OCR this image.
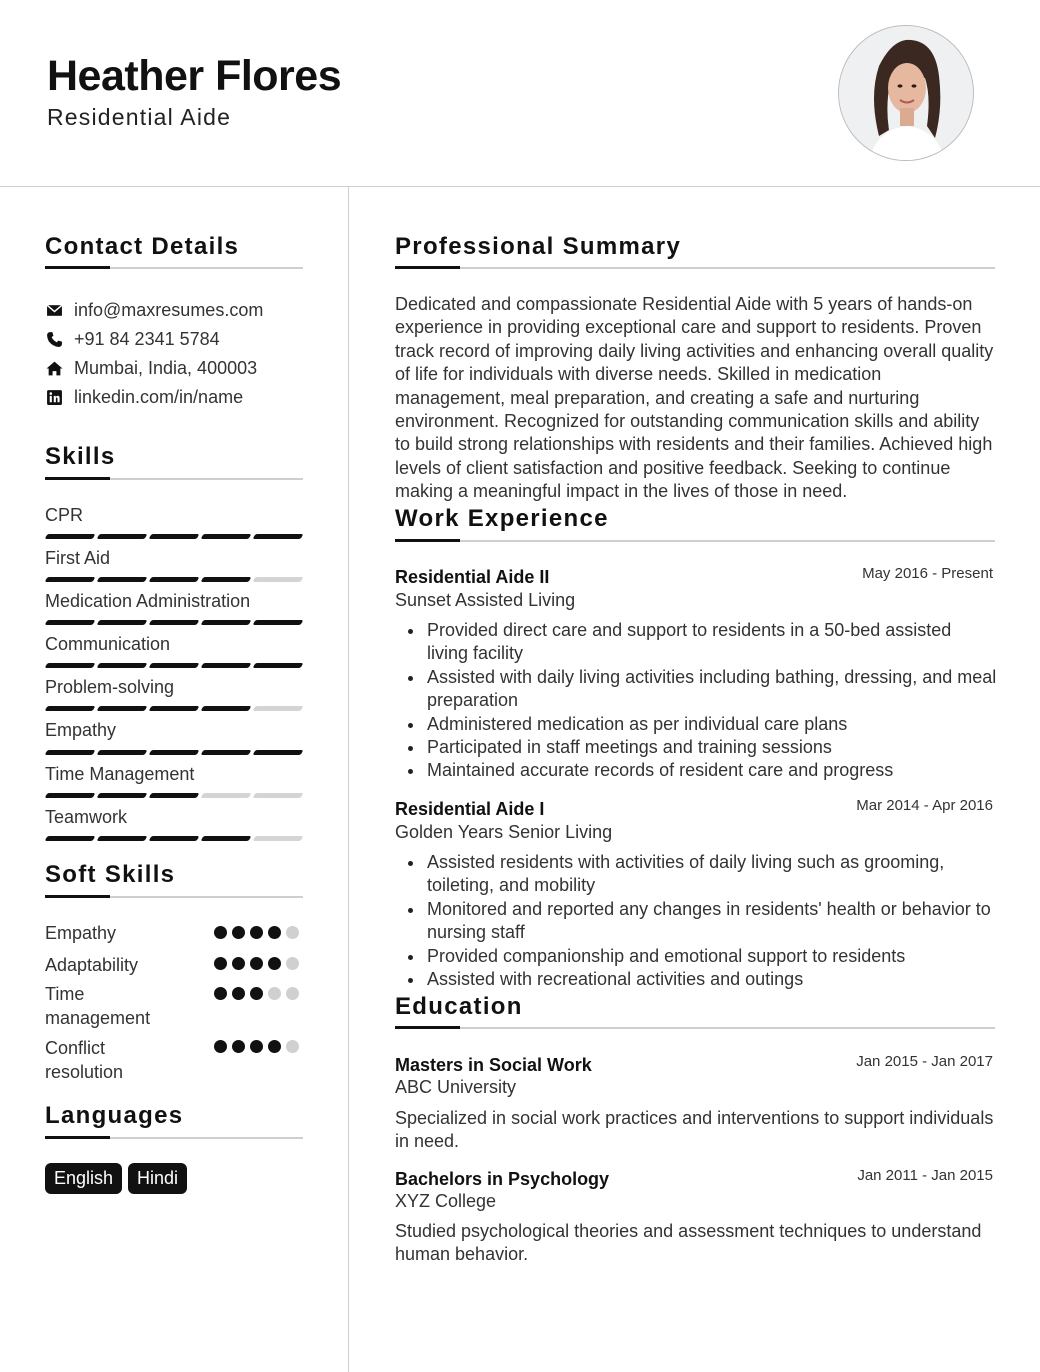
Heather Flores
Residential Aide
Contact Details
info@maxresumes.com
+91 84 2341 5784
Mumbai, India, 400003
linkedin.com/in/name
Skills
CPR
First Aid
Medication Administration
Communication
Problem-solving
Empathy
Time Management
Teamwork
Soft Skills
Empathy
Adaptability
Time management
Conflict resolution
Languages
English	Hindi
Professional Summary
Dedicated and compassionate Residential Aide with 5 years of hands-on experience in providing exceptional care and support to residents. Proven track record of improving daily living activities and enhancing overall quality of life for individuals with diverse needs. Skilled in medication management, meal preparation, and creating a safe and nurturing environment. Recognized for outstanding communication skills and ability to build strong relationships with residents and their families. Achieved high levels of client satisfaction and positive feedback. Seeking to continue making a meaningful impact in the lives of those in need.
Work Experience
Residential Aide II	May 2016 - Present
Sunset Assisted Living
Provided direct care and support to residents in a 50-bed assisted living facility
Assisted with daily living activities including bathing, dressing, and meal preparation
Administered medication as per individual care plans
Participated in staff meetings and training sessions
Maintained accurate records of resident care and progress
Residential Aide I	Mar 2014 - Apr 2016
Golden Years Senior Living
Assisted residents with activities of daily living such as grooming, toileting, and mobility
Monitored and reported any changes in residents' health or behavior to nursing staff
Provided companionship and emotional support to residents
Assisted with recreational activities and outings
Education
Masters in Social Work	Jan 2015 - Jan 2017
ABC University
Specialized in social work practices and interventions to support individuals in need.
Bachelors in Psychology	Jan 2011 - Jan 2015
XYZ College
Studied psychological theories and assessment techniques to understand human behavior.
